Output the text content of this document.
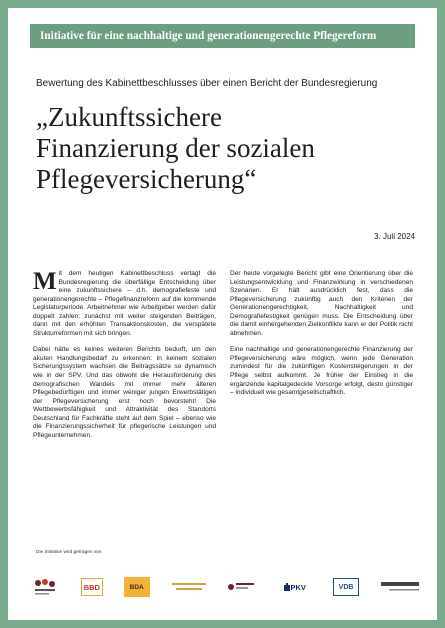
Initiative für eine nachhaltige und generationengerechte Pflegereform
Bewertung des Kabinettbeschlusses über einen Bericht der Bundesregierung
„Zukunftssichere
Finanzierung der sozialen
Pflegeversicherung“
3. Juli 2024

Mit dem heutigen Kabinettbeschluss vertagt die Bundesregierung die überfällige Entscheidung über eine zukunftssichere – d.h. demografiefeste und generationengerechte – Pflegefinanzreform auf die kommende Legislaturperiode. Arbeitnehmer wie Arbeitgeber werden dafür doppelt zahlen: zunächst mit weiter steigenden Beiträgen, dann mit den erhöhten Transaktionskosten, die verspätete Strukturreformen mit sich bringen.

Dabei hätte es keines weiteren Berichts bedurft, um den akuten Handlungsbedarf zu erkennen: In keinem sozialen Sicherungssystem wachsen die Beitragssätze so dynamisch wie in der SPV. Und das obwohl die Herausforderung des demografischen Wandels mit immer mehr älteren Pflegebedürftigen und immer weniger jungen Erwerbstätigen der Pflegeversicherung erst noch bevorsteht! Die Wettbewerbsfähigkeit und Attraktivität des Standorts Deutschland für Fachkräfte steht auf dem Spiel – ebenso wie die Finanzierungssicherheit für pflegerische Leistungen und Pflegeunternehmen.

Der heute vorgelegte Bericht gibt eine Orientierung über die Leistungsentwicklung und Finanzwirkung in verschiedenen Szenarien. Er hält ausdrücklich fest, dass die Pflegeversicherung zukünftig auch den Kriterien der Generationengerechtigkeit, Nachhaltigkeit und Demografiefestigkeit genügen muss. Die Entscheidung über die damit einhergehenden Zielkonflikte kann er der Politik nicht abnehmen.

Eine nachhaltige und generationengerechte Finanzierung der Pflegeversicherung wäre möglich, wenn jede Generation zumindest für die zukünftigen Kostensteigerungen in der Pflege selbst aufkommt. Je früher der Einstieg in die ergänzende kapitalgedeckte Vorsorge erfolgt, desto günstiger – individuell wie gesamtgesellschaftlich.

Die Initiative wird getragen von
BBD	BDA	PKV	VDB
